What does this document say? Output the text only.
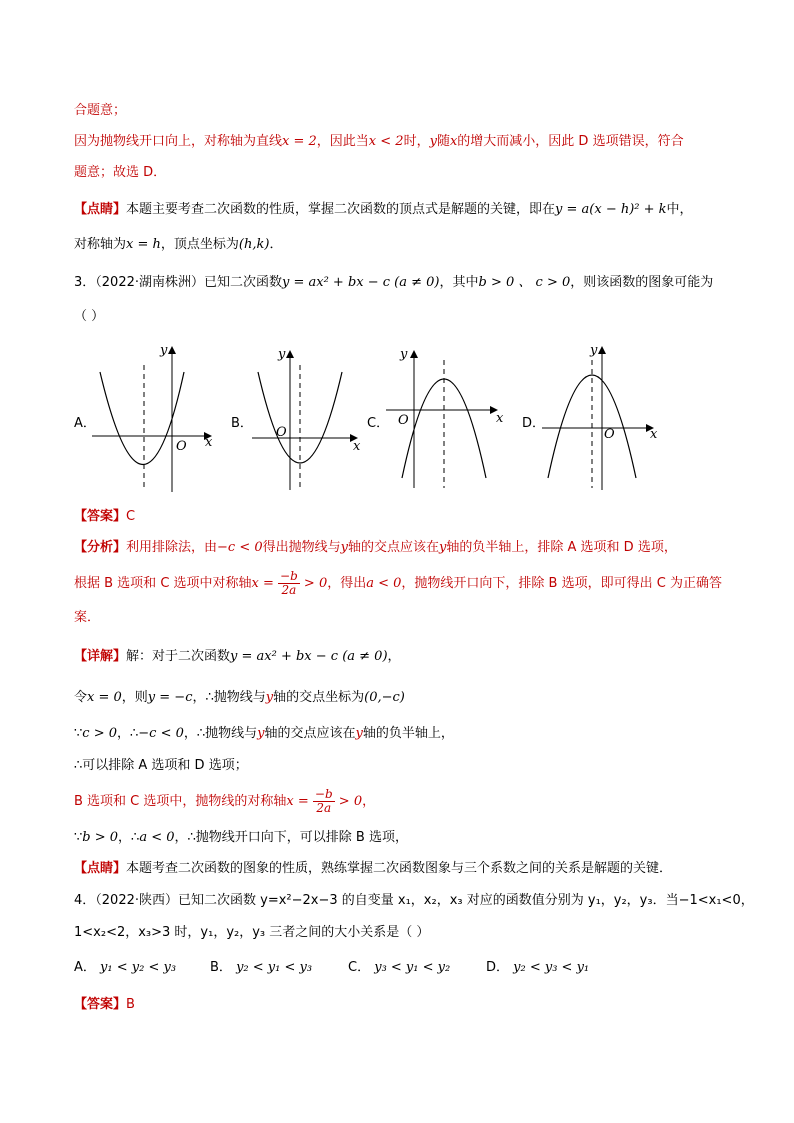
合题意；
因为抛物线开口向上，对称轴为直线x = 2，因此当x < 2时，y随x的增大而减小，因此 D 选项错误，符合
题意；故选 D．
【点睛】本题主要考查二次函数的性质，掌握二次函数的顶点式是解题的关键，即在y = a(x − h)² + k中，
对称轴为x = h，顶点坐标为(h,k)．
3．（2022·湖南株洲）已知二次函数y = ax² + bx − c (a ≠ 0)，其中b > 0 、 c > 0，则该函数的图象可能为
（ ）
A．
x
y
O
B．
x
y
O
C．	x
y
O	D．
x
y
O
【答案】C
【分析】利用排除法，由−c < 0得出抛物线与y轴的交点应该在y轴的负半轴上，排除 A 选项和 D 选项，
根据 B 选项和 C 选项中对称轴$x = \frac{-b}{2a} > 0$，得出a < 0，抛物线开口向下，排除 B 选项，即可得出 C 为正确答
案．
【详解】解：对于二次函数y = ax² + bx − c (a ≠ 0)，
令x = 0，则y = −c，∴抛物线与y轴的交点坐标为(0,−c)
∵c > 0，∴−c < 0，∴抛物线与y轴的交点应该在y轴的负半轴上，
∴可以排除 A 选项和 D 选项；
B 选项和 C 选项中，抛物线的对称轴$x = \frac{-b}{2a} > 0$，
∵b > 0，∴a < 0，∴抛物线开口向下，可以排除 B 选项，
【点睛】本题考查二次函数的图象的性质，熟练掌握二次函数图象与三个系数之间的关系是解题的关键．
4．（2022·陕西）已知二次函数 y=x²−2x−3 的自变量 x₁，x₂，x₃ 对应的函数值分别为 y₁，y₂，y₃．当−1<x₁<0，
1<x₂<2，x₃>3 时，y₁，y₂，y₃ 三者之间的大小关系是（ ）
A． y₁ < y₂ < y₃	B． y₂ < y₁ < y₃	C． y₃ < y₁ < y₂	D． y₂ < y₃ < y₁
【答案】B
